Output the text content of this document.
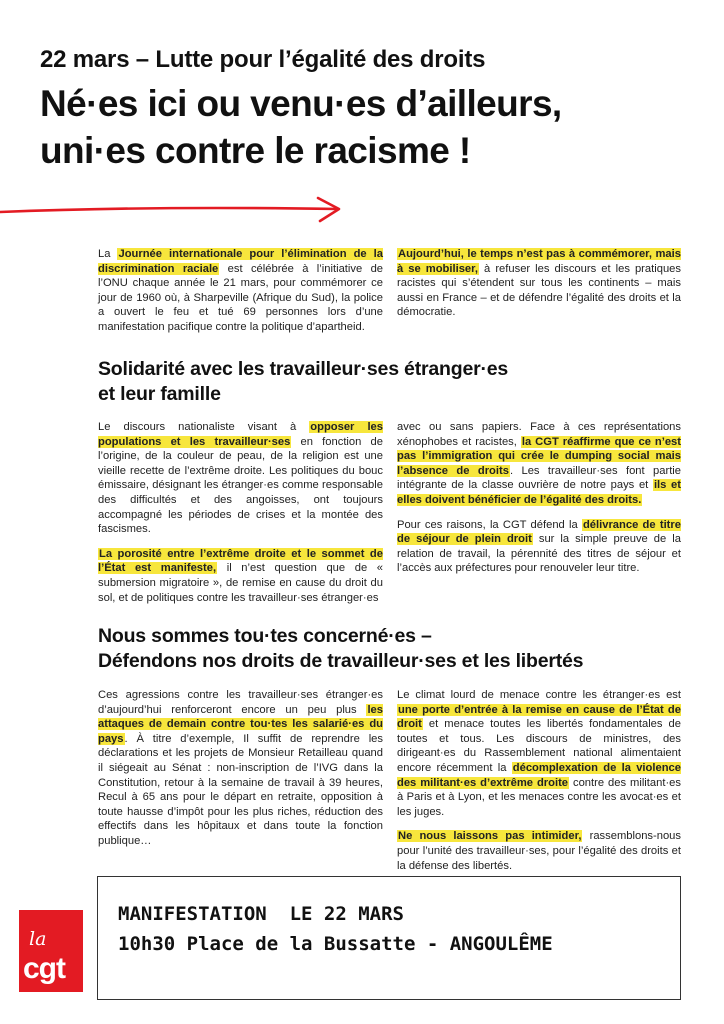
22 mars – Lutte pour l’égalité des droits
Né·es ici ou venu·es d’ailleurs,
uni·es contre le racisme !

La Journée internationale pour l’élimination de la discrimination raciale est célébrée à l’initiative de l’ONU chaque année le 21 mars, pour commémorer ce jour de 1960 où, à Sharpeville (Afrique du Sud), la police a ouvert le feu et tué 69 personnes lors d’une manifestation pacifique contre la politique d’apartheid.

Aujourd’hui, le temps n’est pas à commémorer, mais à se mobiliser, à refuser les discours et les pratiques racistes qui s’étendent sur tous les continents – mais aussi en France – et de défendre l’égalité des droits et la démocratie.

Solidarité avec les travailleur·ses étranger·es
et leur famille

Le discours nationaliste visant à opposer les populations et les travailleur·ses en fonction de l’origine, de la couleur de peau, de la religion est une vieille recette de l’extrême droite. Les politiques du bouc émissaire, désignant les étranger·es comme responsable des difficultés et des angoisses, ont toujours accompagné les périodes de crises et la montée des fascismes.

La porosité entre l’extrême droite et le sommet de l’État est manifeste, il n’est question que de « submersion migratoire », de remise en cause du droit du sol, et de politiques contre les travailleur·ses étranger·es

avec ou sans papiers. Face à ces représentations xénophobes et racistes, la CGT réaffirme que ce n’est pas l’immigration qui crée le dumping social mais l’absence de droits. Les travailleur·ses font partie intégrante de la classe ouvrière de notre pays et ils et elles doivent bénéficier de l’égalité des droits.

Pour ces raisons, la CGT défend la délivrance de titre de séjour de plein droit sur la simple preuve de la relation de travail, la pérennité des titres de séjour et l’accès aux préfectures pour renouveler leur titre.

Nous sommes tou·tes concerné·es –
Défendons nos droits de travailleur·ses et les libertés

Ces agressions contre les travailleur·ses étranger·es d’aujourd’hui renforceront encore un peu plus les attaques de demain contre tou·tes les salarié·es du pays. À titre d’exemple, Il suffit de reprendre les déclarations et les projets de Monsieur Retailleau quand il siégeait au Sénat : non-inscription de l’IVG dans la Constitution, retour à la semaine de travail à 39 heures, Recul à 65 ans pour le départ en retraite, opposition à toute hausse d’impôt pour les plus riches, réduction des effectifs dans les hôpitaux et dans toute la fonction publique…

Le climat lourd de menace contre les étranger·es est une porte d’entrée à la remise en cause de l’État de droit et menace toutes les libertés fondamentales de toutes et tous. Les discours de ministres, des dirigeant·es du Rassemblement national alimentaient encore récemment la décomplexation de la violence des militant·es d’extrême droite contre des militant·es à Paris et à Lyon, et les menaces contre les avocat·es et les juges.

Ne nous laissons pas intimider, rassemblons-nous pour l’unité des travailleur·ses, pour l’égalité des droits et la défense des libertés.

MANIFESTATION  LE 22 MARS
10h30 Place de la Bussatte - ANGOULÊME
la
cgt
